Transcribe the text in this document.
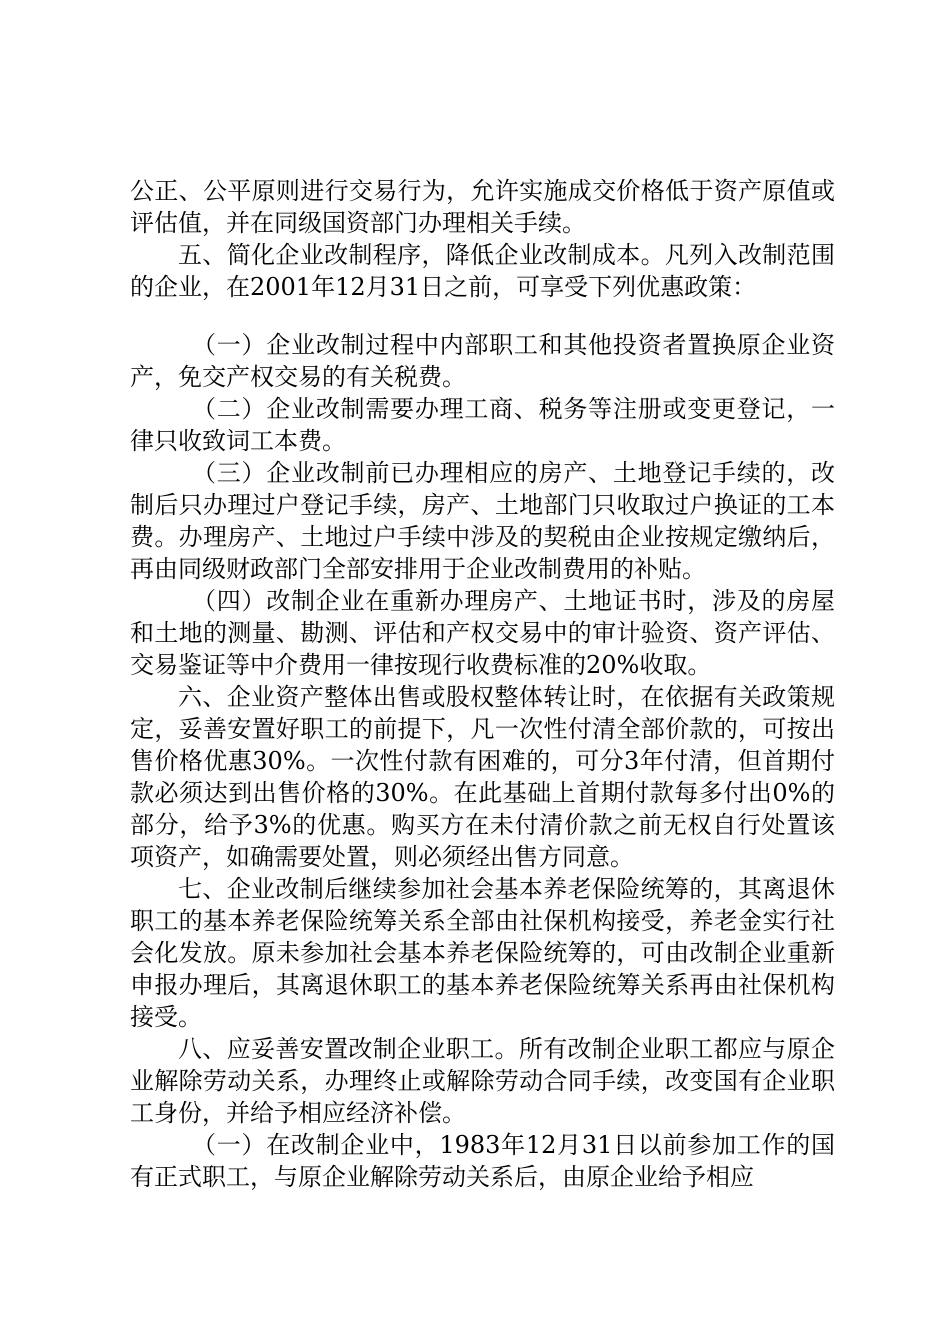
公正、公平原则进行交易行为，允许实施成交价格低于资产原值或评估值，并在同级国资部门办理相关手续。

五、简化企业改制程序，降低企业改制成本。凡列入改制范围的企业，在2001年12月31日之前，可享受下列优惠政策：

（一）企业改制过程中内部职工和其他投资者置换原企业资产，免交产权交易的有关税费。

（二）企业改制需要办理工商、税务等注册或变更登记，一律只收致词工本费。

（三）企业改制前已办理相应的房产、土地登记手续的，改制后只办理过户登记手续，房产、土地部门只收取过户换证的工本费。办理房产、土地过户手续中涉及的契税由企业按规定缴纳后，再由同级财政部门全部安排用于企业改制费用的补贴。

（四）改制企业在重新办理房产、土地证书时，涉及的房屋和土地的测量、勘测、评估和产权交易中的审计验资、资产评估、交易鉴证等中介费用一律按现行收费标准的20%收取。

六、企业资产整体出售或股权整体转让时，在依据有关政策规定，妥善安置好职工的前提下，凡一次性付清全部价款的，可按出售价格优惠30%。一次性付款有困难的，可分3年付清，但首期付款必须达到出售价格的30%。在此基础上首期付款每多付出0%的部分，给予3%的优惠。购买方在未付清价款之前无权自行处置该项资产，如确需要处置，则必须经出售方同意。

七、企业改制后继续参加社会基本养老保险统筹的，其离退休职工的基本养老保险统筹关系全部由社保机构接受，养老金实行社会化发放。原未参加社会基本养老保险统筹的，可由改制企业重新申报办理后，其离退休职工的基本养老保险统筹关系再由社保机构接受。

八、应妥善安置改制企业职工。所有改制企业职工都应与原企业解除劳动关系，办理终止或解除劳动合同手续，改变国有企业职工身份，并给予相应经济补偿。

（一）在改制企业中，1983年12月31日以前参加工作的国有正式职工，与原企业解除劳动关系后，由原企业给予相应
